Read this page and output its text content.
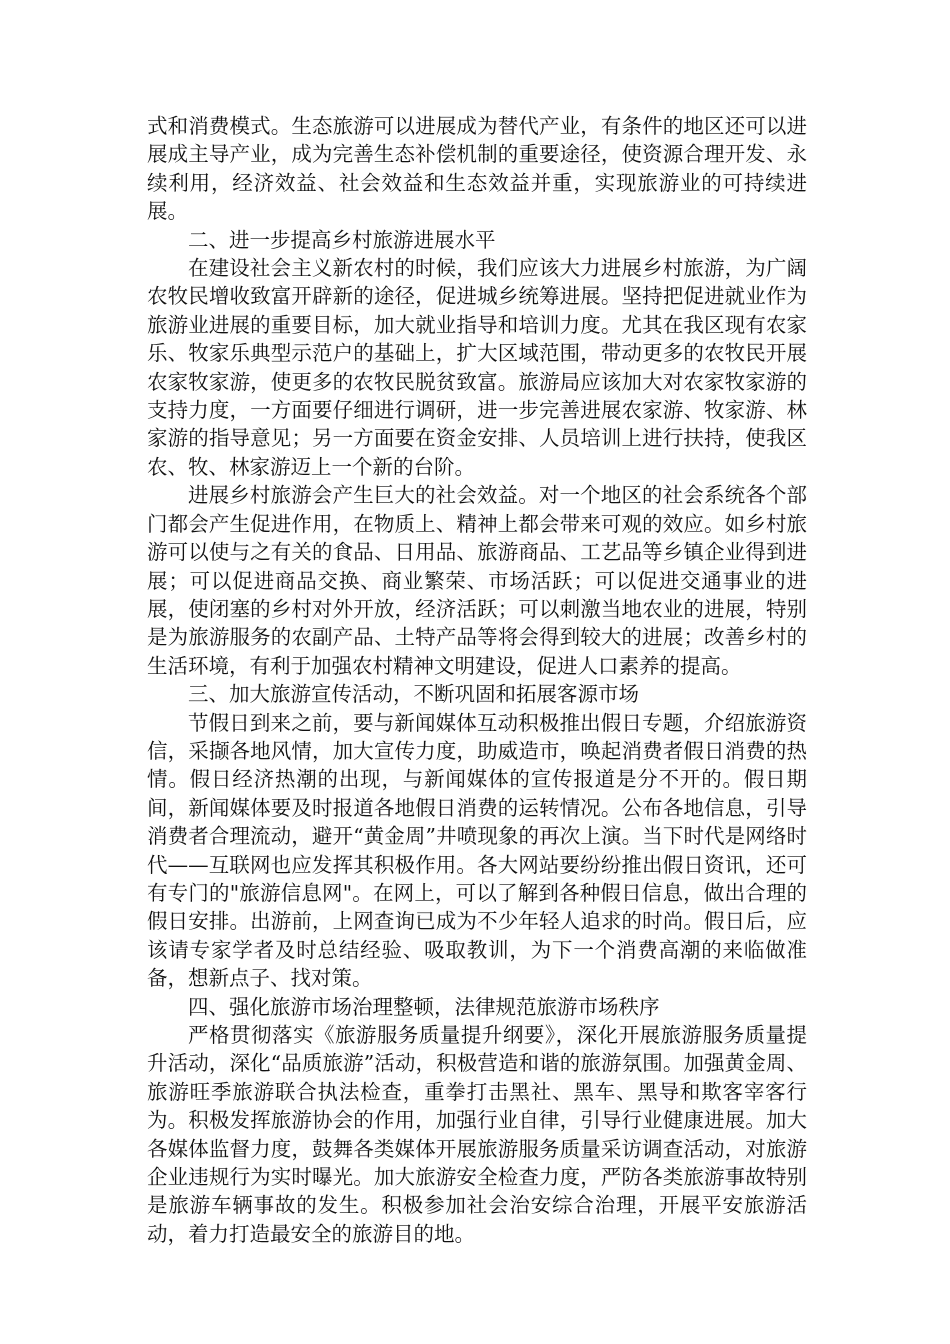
式和消费模式。生态旅游可以进展成为替代产业，有条件的地区还可以进展成主导产业，成为完善生态补偿机制的重要途径，使资源合理开发、永续利用，经济效益、社会效益和生态效益并重，实现旅游业的可持续进展。

二、进一步提高乡村旅游进展水平

在建设社会主义新农村的时候，我们应该大力进展乡村旅游，为广阔农牧民增收致富开辟新的途径，促进城乡统筹进展。坚持把促进就业作为旅游业进展的重要目标，加大就业指导和培训力度。尤其在我区现有农家乐、牧家乐典型示范户的基础上，扩大区域范围，带动更多的农牧民开展农家牧家游，使更多的农牧民脱贫致富。旅游局应该加大对农家牧家游的支持力度，一方面要仔细进行调研，进一步完善进展农家游、牧家游、林家游的指导意见；另一方面要在资金安排、人员培训上进行扶持，使我区农、牧、林家游迈上一个新的台阶。

进展乡村旅游会产生巨大的社会效益。对一个地区的社会系统各个部门都会产生促进作用，在物质上、精神上都会带来可观的效应。如乡村旅游可以使与之有关的食品、日用品、旅游商品、工艺品等乡镇企业得到进展；可以促进商品交换、商业繁荣、市场活跃；可以促进交通事业的进展，使闭塞的乡村对外开放，经济活跃；可以刺激当地农业的进展，特别是为旅游服务的农副产品、土特产品等将会得到较大的进展；改善乡村的生活环境，有利于加强农村精神文明建设，促进人口素养的提高。

三、加大旅游宣传活动，不断巩固和拓展客源市场

节假日到来之前，要与新闻媒体互动积极推出假日专题，介绍旅游资信，采撷各地风情，加大宣传力度，助威造市，唤起消费者假日消费的热情。假日经济热潮的出现，与新闻媒体的宣传报道是分不开的。假日期间，新闻媒体要及时报道各地假日消费的运转情况。公布各地信息，引导消费者合理流动，避开“黄金周”井喷现象的再次上演。当下时代是网络时代——互联网也应发挥其积极作用。各大网站要纷纷推出假日资讯，还可有专门的"旅游信息网"。在网上，可以了解到各种假日信息，做出合理的假日安排。出游前，上网查询已成为不少年轻人追求的时尚。假日后，应该请专家学者及时总结经验、吸取教训，为下一个消费高潮的来临做准备，想新点子、找对策。

四、强化旅游市场治理整顿，法律规范旅游市场秩序

严格贯彻落实《旅游服务质量提升纲要》，深化开展旅游服务质量提升活动，深化“品质旅游”活动，积极营造和谐的旅游氛围。加强黄金周、旅游旺季旅游联合执法检查，重拳打击黑社、黑车、黑导和欺客宰客行为。积极发挥旅游协会的作用，加强行业自律，引导行业健康进展。加大各媒体监督力度，鼓舞各类媒体开展旅游服务质量采访调查活动，对旅游企业违规行为实时曝光。加大旅游安全检查力度，严防各类旅游事故特别是旅游车辆事故的发生。积极参加社会治安综合治理，开展平安旅游活动，着力打造最安全的旅游目的地。
